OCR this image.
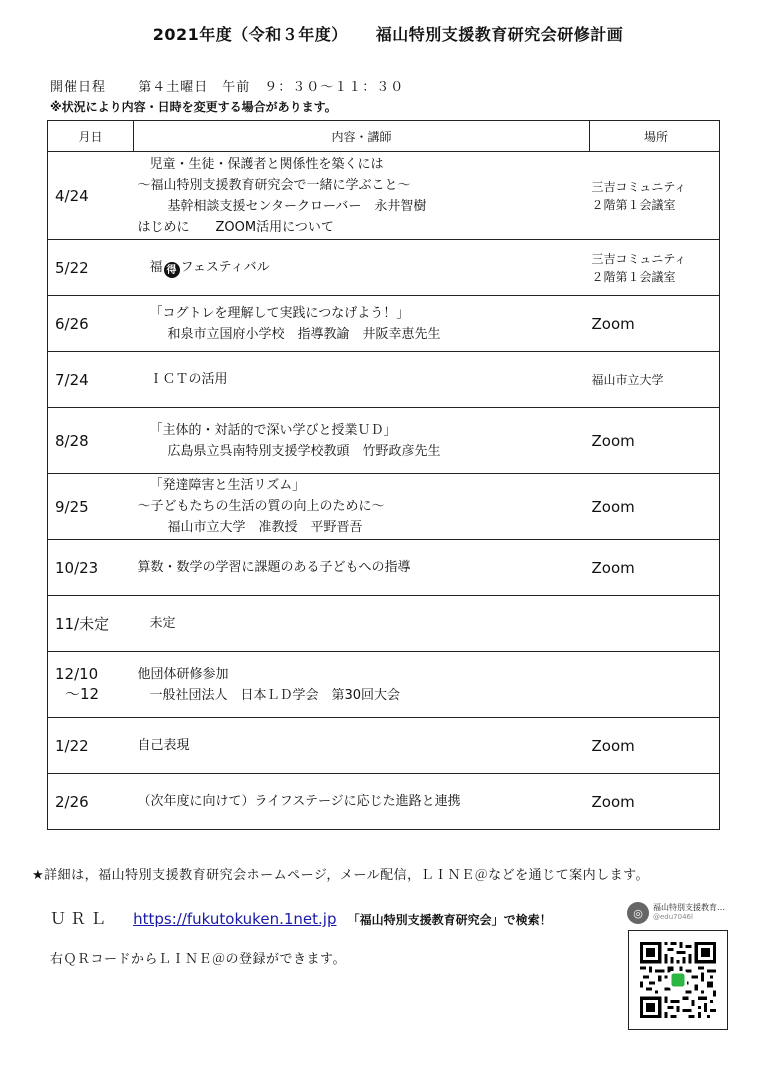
2021年度（令和３年度） 福山特別支援教育研究会研修計画
開催日程 第４土曜日　午前　９：３０～１１：３０
※状況により内容・日時を変更する場合があります。
月日	内容・講師	場所

4/24	児童・生徒・保護者と関係性を築くには
～福山特別支援教育研究会で一緒に学ぶこと～
基幹相談支援センタークローバー　永井智樹
はじめに　　ZOOM活用について	三吉コミュニティ
２階第１会議室

5/22	福 得 フェスティバル	三吉コミュニティ
２階第１会議室

6/26	「コグトレを理解して実践につなげよう！」
和泉市立国府小学校　指導教諭　井阪幸恵先生	Zoom

7/24	ＩＣＴの活用	福山市立大学

8/28	「主体的・対話的で深い学びと授業ＵＤ」
広島県立呉南特別支援学校教頭　竹野政彦先生	Zoom

9/25	「発達障害と生活リズム」
～子どもたちの生活の質の向上のために～
福山市立大学　准教授　平野晋吾	Zoom

10/23	算数・数学の学習に課題のある子どもへの指導	Zoom

11/未定	未定	

12/10
～12	他団体研修参加
一般社団法人　日本ＬＤ学会　第30回大会	

1/22	自己表現	Zoom

2/26	（次年度に向けて）ライフステージに応じた進路と連携	Zoom
★詳細は，福山特別支援教育研究会ホームページ，メール配信，ＬＩＮＥ＠などを通じて案内します。
ＵＲＬ https://fukutokuken.1net.jp 「福山特別支援教育研究会」で検索！
右ＱＲコードからＬＩＮＥ＠の登録ができます。
◎	福山特別支援教育…
@edu7046l
